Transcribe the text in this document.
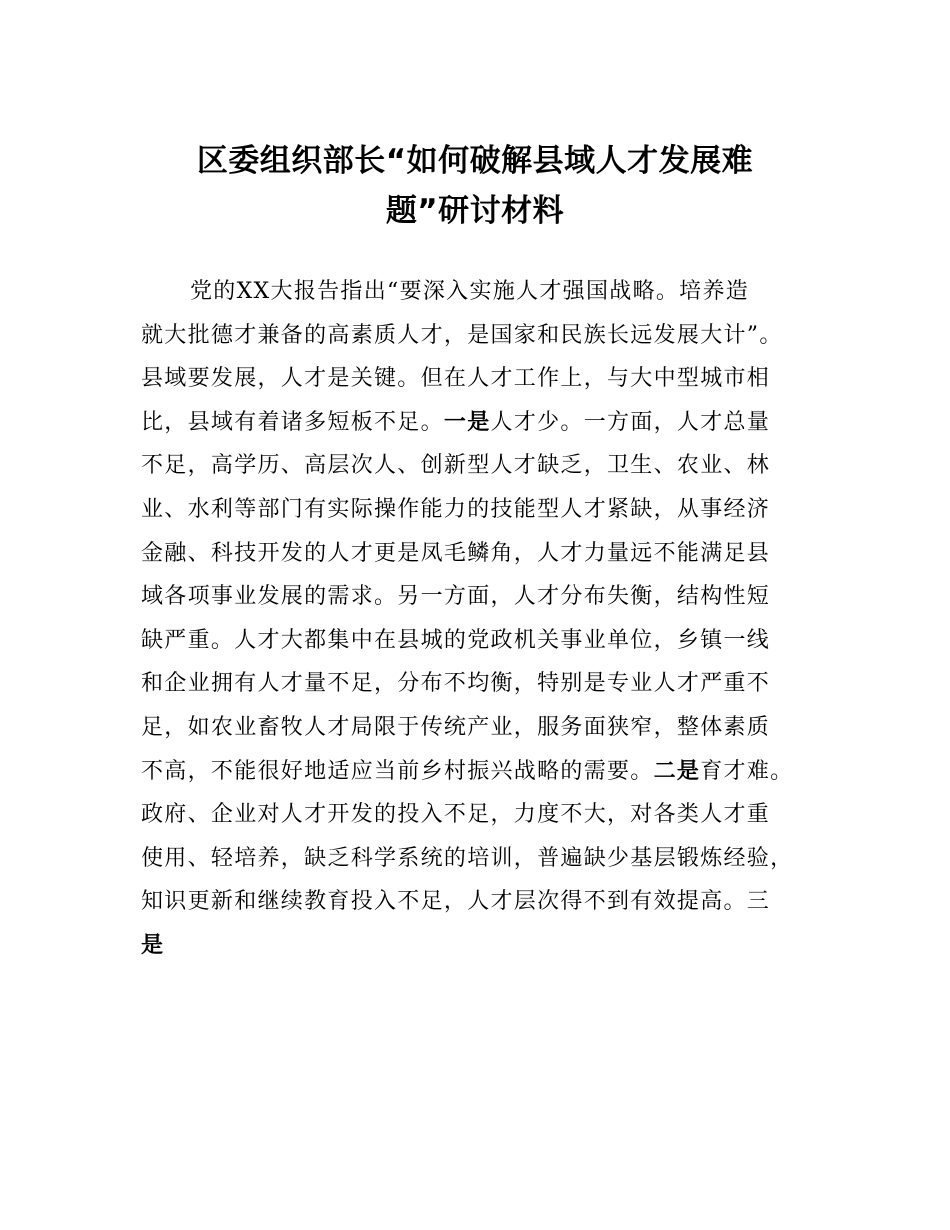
区委组织部长“如何破解县域人才发展难
题”研讨材料
党的XX大报告指出“要深入实施人才强国战略。培养造
就大批德才兼备的高素质人才，是国家和民族长远发展大计”。
县域要发展，人才是关键。但在人才工作上，与大中型城市相
比，县域有着诸多短板不足。一是人才少。一方面，人才总量
不足，高学历、高层次人、创新型人才缺乏，卫生、农业、林
业、水利等部门有实际操作能力的技能型人才紧缺，从事经济
金融、科技开发的人才更是凤毛鳞角，人才力量远不能满足县
域各项事业发展的需求。另一方面，人才分布失衡，结构性短
缺严重。人才大都集中在县城的党政机关事业单位，乡镇一线
和企业拥有人才量不足，分布不均衡，特别是专业人才严重不
足，如农业畜牧人才局限于传统产业，服务面狭窄，整体素质
不高，不能很好地适应当前乡村振兴战略的需要。二是育才难。
政府、企业对人才开发的投入不足，力度不大，对各类人才重
使用、轻培养，缺乏科学系统的培训，普遍缺少基层锻炼经验，
知识更新和继续教育投入不足，人才层次得不到有效提高。三
是
